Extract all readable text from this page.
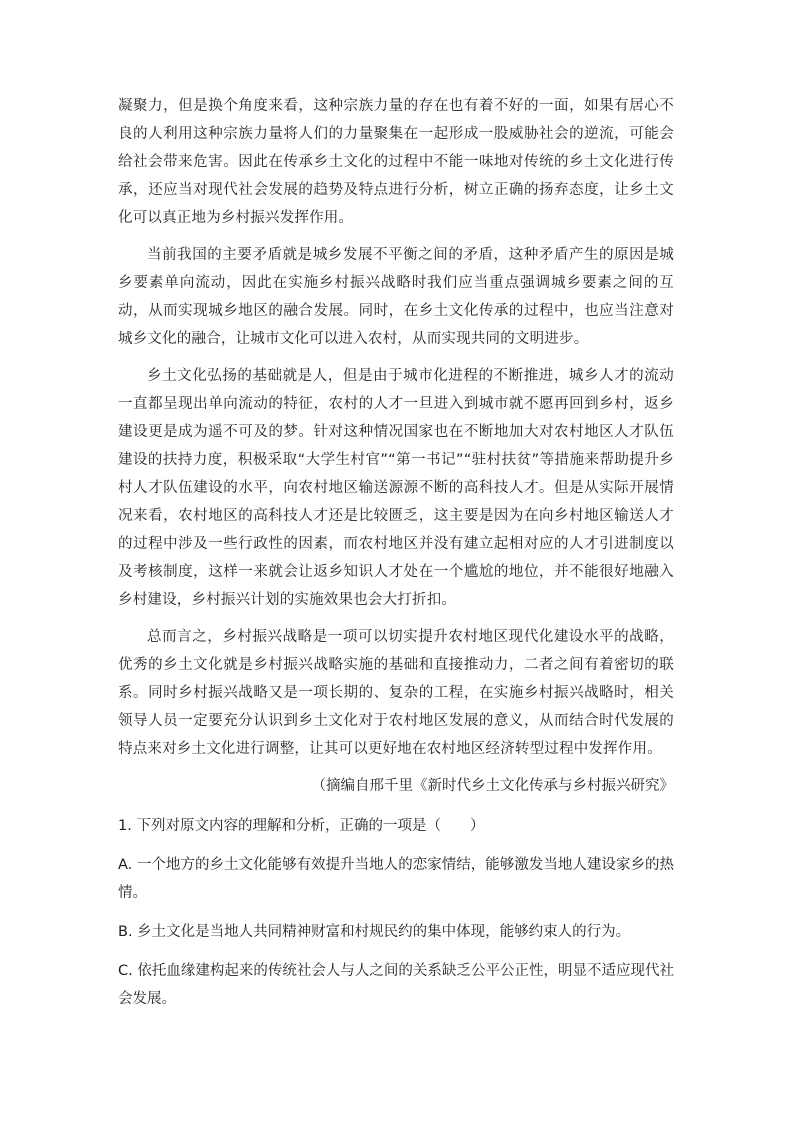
凝聚力，但是换个角度来看，这种宗族力量的存在也有着不好的一面，如果有居心不良的人利用这种宗族力量将人们的力量聚集在一起形成一股威胁社会的逆流，可能会给社会带来危害。因此在传承乡土文化的过程中不能一味地对传统的乡土文化进行传承，还应当对现代社会发展的趋势及特点进行分析，树立正确的扬弃态度，让乡土文化可以真正地为乡村振兴发挥作用。

当前我国的主要矛盾就是城乡发展不平衡之间的矛盾，这种矛盾产生的原因是城乡要素单向流动，因此在实施乡村振兴战略时我们应当重点强调城乡要素之间的互动，从而实现城乡地区的融合发展。同时，在乡土文化传承的过程中，也应当注意对城乡文化的融合，让城市文化可以进入农村，从而实现共同的文明进步。

乡土文化弘扬的基础就是人，但是由于城市化进程的不断推进，城乡人才的流动一直都呈现出单向流动的特征，农村的人才一旦进入到城市就不愿再回到乡村，返乡建设更是成为遥不可及的梦。针对这种情况国家也在不断地加大对农村地区人才队伍建设的扶持力度，积极采取“大学生村官”“第一书记”“驻村扶贫”等措施来帮助提升乡村人才队伍建设的水平，向农村地区输送源源不断的高科技人才。但是从实际开展情况来看，农村地区的高科技人才还是比较匮乏，这主要是因为在向乡村地区输送人才的过程中涉及一些行政性的因素，而农村地区并没有建立起相对应的人才引进制度以及考核制度，这样一来就会让返乡知识人才处在一个尴尬的地位，并不能很好地融入乡村建设，乡村振兴计划的实施效果也会大打折扣。

总而言之，乡村振兴战略是一项可以切实提升农村地区现代化建设水平的战略，优秀的乡土文化就是乡村振兴战略实施的基础和直接推动力，二者之间有着密切的联系。同时乡村振兴战略又是一项长期的、复杂的工程，在实施乡村振兴战略时，相关领导人员一定要充分认识到乡土文化对于农村地区发展的意义，从而结合时代发展的特点来对乡土文化进行调整，让其可以更好地在农村地区经济转型过程中发挥作用。

（摘编自邢千里《新时代乡土文化传承与乡村振兴研究》

1. 下列对原文内容的理解和分析，正确的一项是（　　）

A. 一个地方的乡土文化能够有效提升当地人的恋家情结，能够激发当地人建设家乡的热情。

B. 乡土文化是当地人共同精神财富和村规民约的集中体现，能够约束人的行为。

C. 依托血缘建构起来的传统社会人与人之间的关系缺乏公平公正性，明显不适应现代社会发展。
